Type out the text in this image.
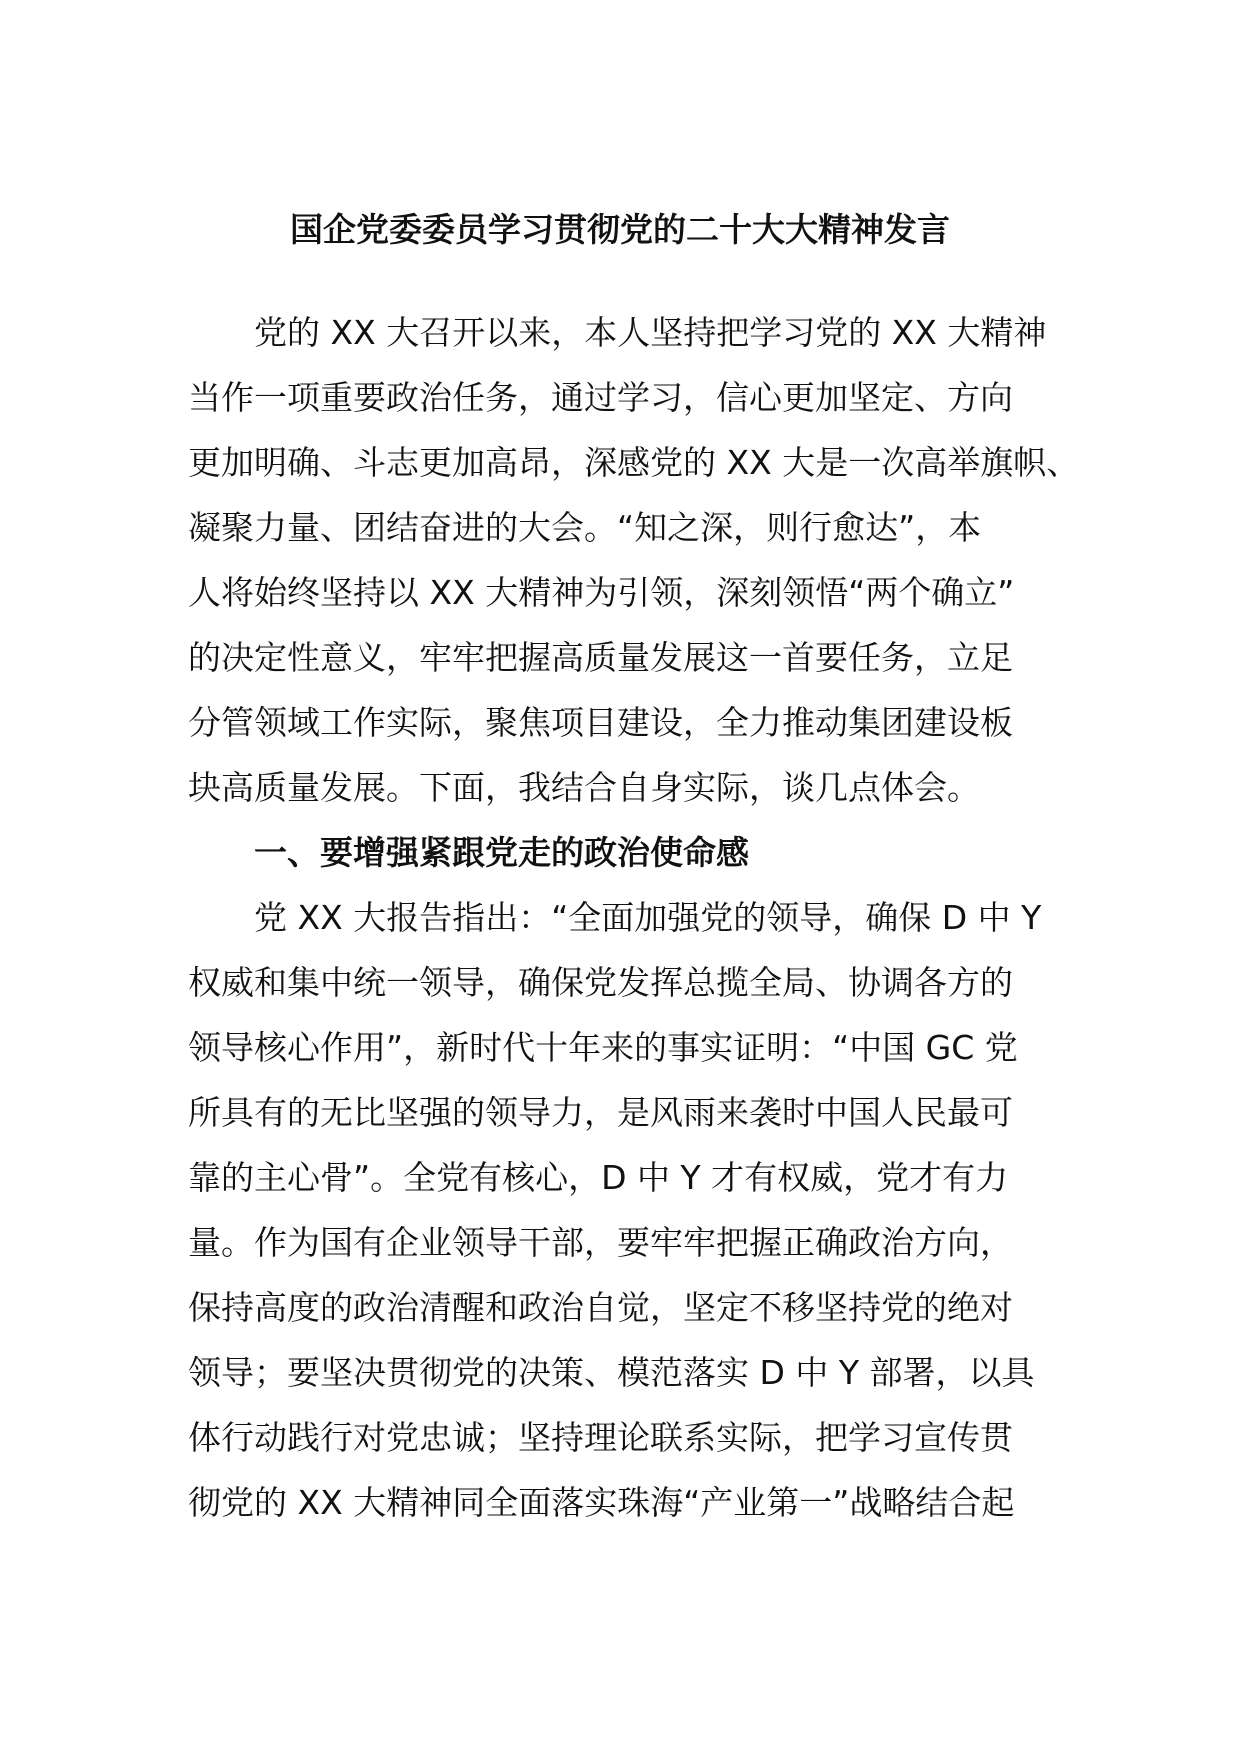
国企党委委员学习贯彻党的二十大大精神发言
党的 XX 大召开以来，本人坚持把学习党的 XX 大精神
当作一项重要政治任务，通过学习，信心更加坚定、方向
更加明确、斗志更加高昂，深感党的 XX 大是一次高举旗帜、
凝聚力量、团结奋进的大会。“知之深，则行愈达”，本
人将始终坚持以 XX 大精神为引领，深刻领悟“两个确立”
的决定性意义，牢牢把握高质量发展这一首要任务，立足
分管领域工作实际，聚焦项目建设，全力推动集团建设板
块高质量发展。下面，我结合自身实际，谈几点体会。
一、要增强紧跟党走的政治使命感
党 XX 大报告指出：“全面加强党的领导，确保 D 中 Y
权威和集中统一领导，确保党发挥总揽全局、协调各方的
领导核心作用”，新时代十年来的事实证明：“中国 GC 党
所具有的无比坚强的领导力，是风雨来袭时中国人民最可
靠的主心骨”。全党有核心，D 中 Y 才有权威，党才有力
量。作为国有企业领导干部，要牢牢把握正确政治方向，
保持高度的政治清醒和政治自觉，坚定不移坚持党的绝对
领导；要坚决贯彻党的决策、模范落实 D 中 Y 部署，以具
体行动践行对党忠诚；坚持理论联系实际，把学习宣传贯
彻党的 XX 大精神同全面落实珠海“产业第一”战略结合起
